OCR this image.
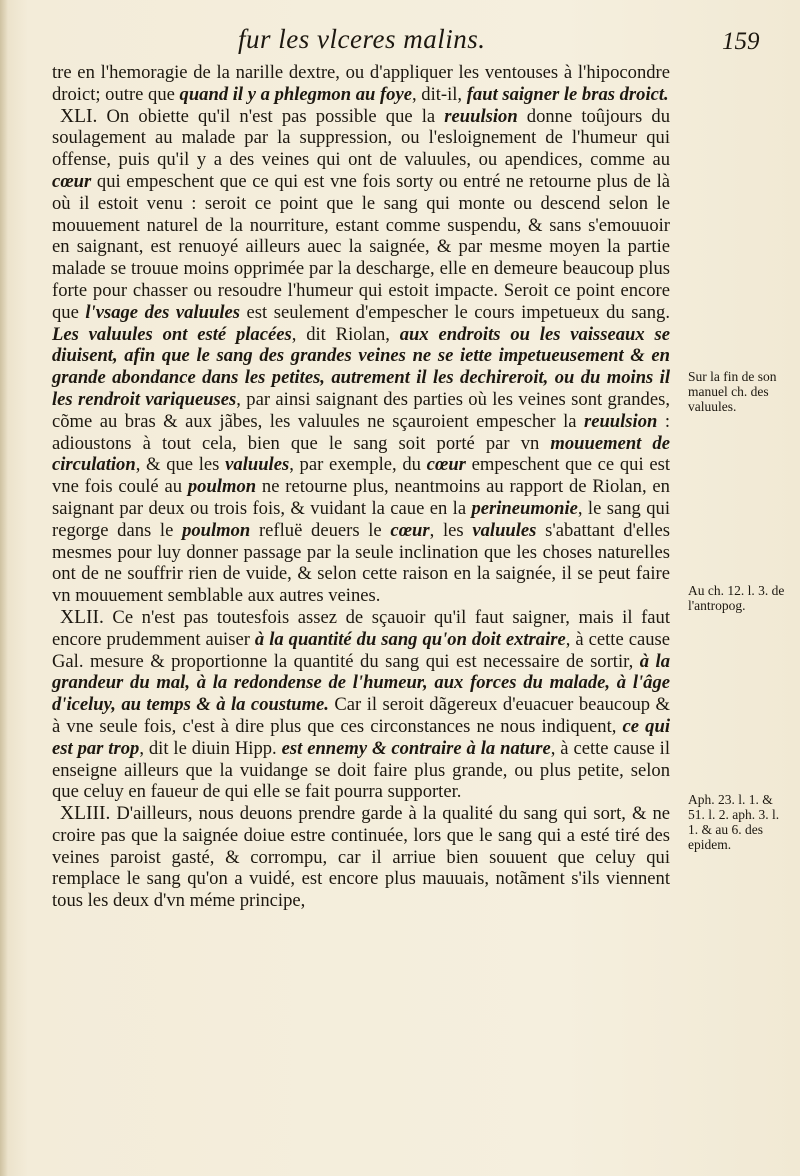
fur les vlceres malins.	159

tre en l'hemoragie de la narille dextre, ou d'appliquer les ventouses à l'hipocondre droict; outre que quand il y a phlegmon au foye, dit-il, faut saigner le bras droict.

XLI. On obiette qu'il n'est pas possible que la reuulsion donne toûjours du soulagement au malade par la suppression, ou l'esloignement de l'humeur qui offense, puis qu'il y a des veines qui ont de valuules, ou apendices, comme au cœur qui empeschent que ce qui est vne fois sorty ou entré ne retourne plus de là où il estoit venu : seroit ce point que le sang qui monte ou descend selon le mouuement naturel de la nourriture, estant comme suspendu, & sans s'emouuoir en saignant, est renuoyé ailleurs auec la saignée, & par mesme moyen la partie malade se trouue moins opprimée par la descharge, elle en demeure beaucoup plus forte pour chasser ou resoudre l'humeur qui estoit impacte. Seroit ce point encore que l'vsage des valuules est seulement d'empescher le cours impetueux du sang. Les valuules ont esté placées, dit Riolan, aux endroits ou les vaisseaux se diuisent, afin que le sang des grandes veines ne se iette impetueusement & en grande abondance dans les petites, autrement il les dechireroit, ou du moins il les rendroit variqueuses, par ainsi saignant des parties où les veines sont grandes, cõme au bras & aux jãbes, les valuules ne sçauroient empescher la reuulsion : adioustons à tout cela, bien que le sang soit porté par vn mouuement de circulation, & que les valuules, par exemple, du cœur empeschent que ce qui est vne fois coulé au poulmon ne retourne plus, neantmoins au rapport de Riolan, en saignant par deux ou trois fois, & vuidant la caue en la perineumonie, le sang qui regorge dans le poulmon refluë deuers le cœur, les valuules s'abattant d'elles mesmes pour luy donner passage par la seule inclination que les choses naturelles ont de ne souffrir rien de vuide, & selon cette raison en la saignée, il se peut faire vn mouuement semblable aux autres veines.

XLII. Ce n'est pas toutesfois assez de sçauoir qu'il faut saigner, mais il faut encore prudemment auiser à la quantité du sang qu'on doit extraire, à cette cause Gal. mesure & proportionne la quantité du sang qui est necessaire de sortir, à la grandeur du mal, à la redondense de l'humeur, aux forces du malade, à l'âge d'iceluy, au temps & à la coustume. Car il seroit dãgereux d'euacuer beaucoup & à vne seule fois, c'est à dire plus que ces circonstances ne nous indiquent, ce qui est par trop, dit le diuin Hipp. est ennemy & contraire à la nature, à cette cause il enseigne ailleurs que la vuidange se doit faire plus grande, ou plus petite, selon que celuy en faueur de qui elle se fait pourra supporter.

XLIII. D'ailleurs, nous deuons prendre garde à la qualité du sang qui sort, & ne croire pas que la saignée doiue estre continuée, lors que le sang qui a esté tiré des veines paroist gasté, & corrompu, car il arriue bien souuent que celuy qui remplace le sang qu'on a vuidé, est encore plus mauuais, notãment s'ils viennent tous les deux d'vn méme principe,

Sur la fin de son manuel ch. des valuules.
Au ch. 12. l. 3. de l'antropog.
Aph. 23. l. 1. & 51. l. 2. aph. 3. l. 1. & au 6. des epidem.
